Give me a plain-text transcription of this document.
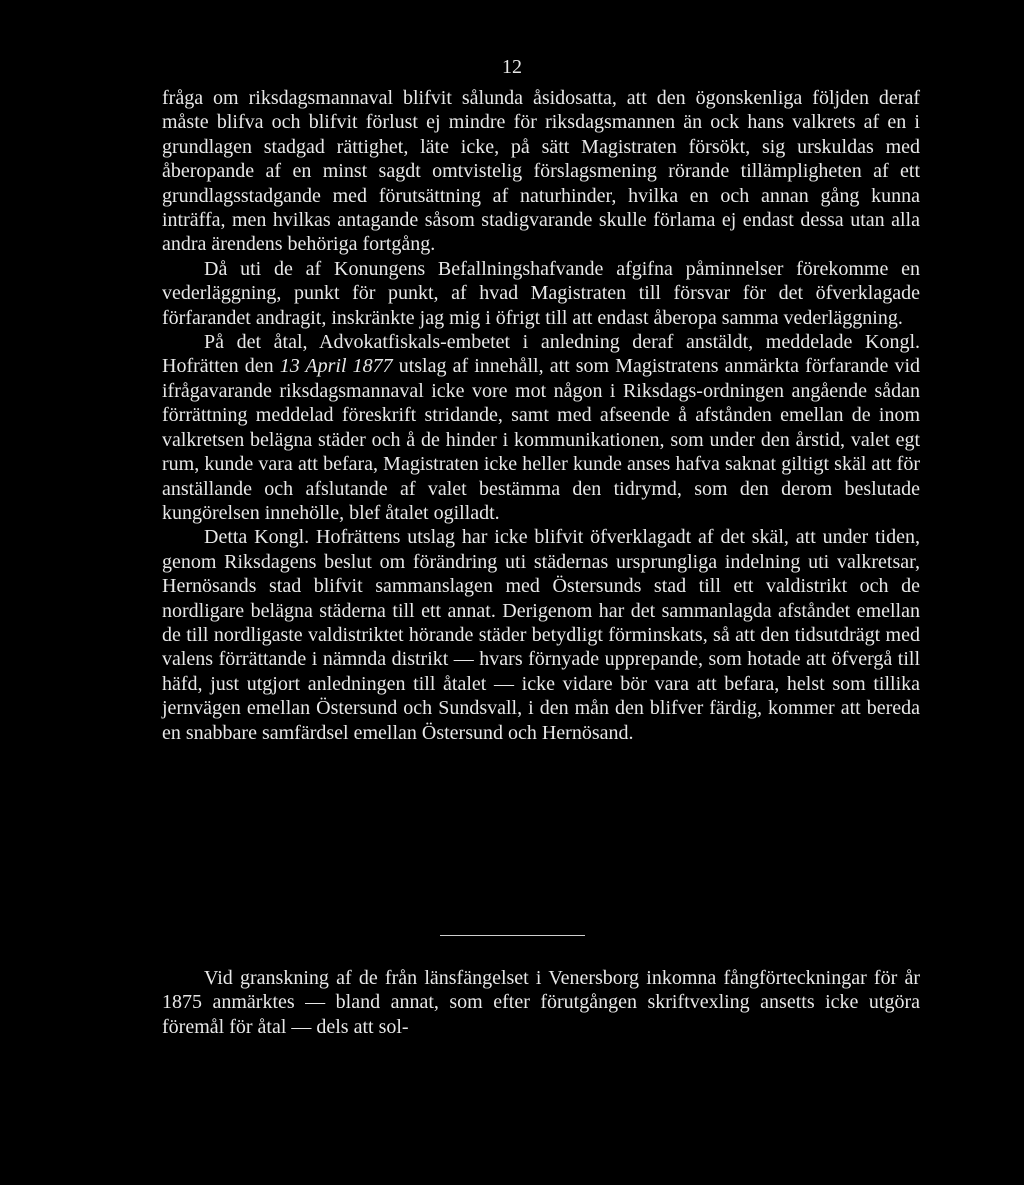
12

fråga om riksdagsmannaval blifvit sålunda åsidosatta, att den ögonskenliga följden deraf måste blifva och blifvit förlust ej mindre för riksdagsmannen än ock hans valkrets af en i grundlagen stadgad rättighet, läte icke, på sätt Magistraten försökt, sig urskuldas med åberopande af en minst sagdt omtvistelig förslagsmening rörande tillämpligheten af ett grundlagsstadgande med förutsättning af naturhinder, hvilka en och annan gång kunna inträffa, men hvilkas antagande såsom stadigvarande skulle förlama ej endast dessa utan alla andra ärendens behöriga fortgång.

Då uti de af Konungens Befallningshafvande afgifna påminnelser förekomme en vederläggning, punkt för punkt, af hvad Magistraten till försvar för det öfverklagade förfarandet andragit, inskränkte jag mig i öfrigt till att endast åberopa samma vederläggning.

På det åtal, Advokatfiskals-embetet i anledning deraf anstäldt, meddelade Kongl. Hofrätten den 13 April 1877 utslag af innehåll, att som Magistratens anmärkta förfarande vid ifrågavarande riksdagsmannaval icke vore mot någon i Riksdags-ordningen angående sådan förrättning meddelad föreskrift stridande, samt med afseende å afstånden emellan de inom valkretsen belägna städer och å de hinder i kommunikationen, som under den årstid, valet egt rum, kunde vara att befara, Magistraten icke heller kunde anses hafva saknat giltigt skäl att för anställande och afslutande af valet bestämma den tidrymd, som den derom beslutade kungörelsen innehölle, blef åtalet ogilladt.

Detta Kongl. Hofrättens utslag har icke blifvit öfverklagadt af det skäl, att under tiden, genom Riksdagens beslut om förändring uti städernas ursprungliga indelning uti valkretsar, Hernösands stad blifvit sammanslagen med Östersunds stad till ett valdistrikt och de nordligare belägna städerna till ett annat. Derigenom har det sammanlagda afståndet emellan de till nordligaste valdistriktet hörande städer betydligt förminskats, så att den tidsutdrägt med valens förrättande i nämnda distrikt — hvars förnyade upprepande, som hotade att öfvergå till häfd, just utgjort anledningen till åtalet — icke vidare bör vara att befara, helst som tillika jernvägen emellan Östersund och Sundsvall, i den mån den blifver färdig, kommer att bereda en snabbare samfärdsel emellan Östersund och Hernösand.

Vid granskning af de från länsfängelset i Venersborg inkomna fångförteckningar för år 1875 anmärktes — bland annat, som efter förutgången skriftvexling ansetts icke utgöra föremål för åtal — dels att sol-
